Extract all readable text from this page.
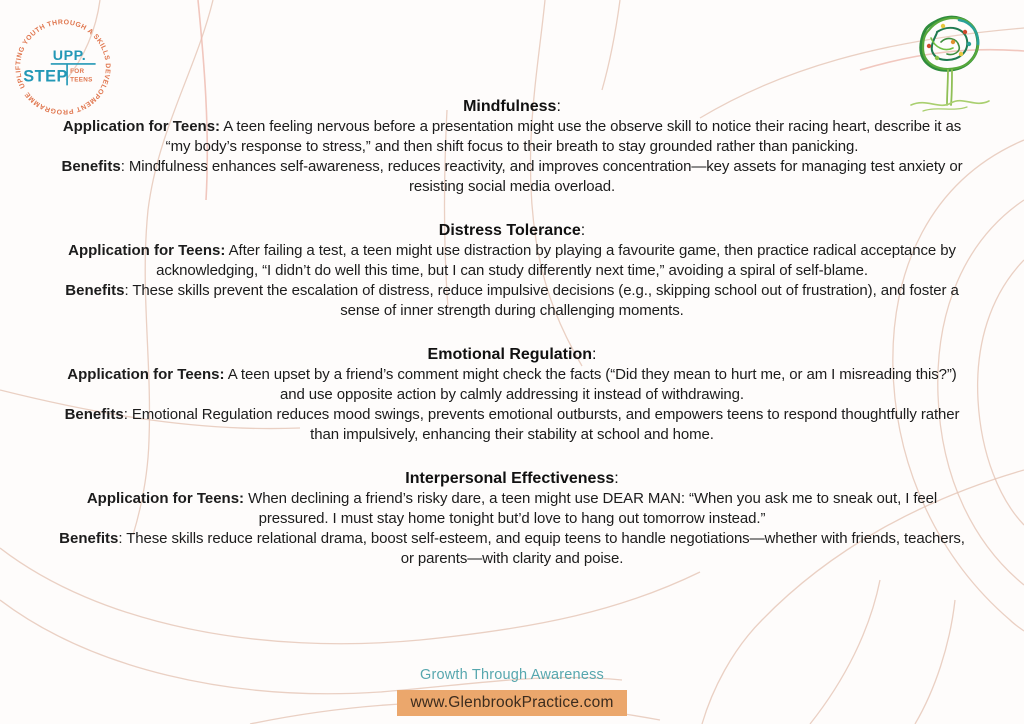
UPLIFTING YOUTH THROUGH A SKILLS DEVELOPMENT PROGRAMME
UPP.
STEP FOR
TEENS
Mindfulness:

Application for Teens: A teen feeling nervous before a presentation might use the observe skill to notice their racing heart, describe it as “my body’s response to stress,” and then shift focus to their breath to stay grounded rather than panicking.

Benefits: Mindfulness enhances self-awareness, reduces reactivity, and improves concentration—key assets for managing test anxiety or resisting social media overload.

Distress Tolerance:

Application for Teens: After failing a test, a teen might use distraction by playing a favourite game, then practice radical acceptance by acknowledging, “I didn’t do well this time, but I can study differently next time,” avoiding a spiral of self-blame.

Benefits: These skills prevent the escalation of distress, reduce impulsive decisions (e.g., skipping school out of frustration), and foster a sense of inner strength during challenging moments.

Emotional Regulation:

Application for Teens: A teen upset by a friend’s comment might check the facts (“Did they mean to hurt me, or am I misreading this?”) and use opposite action by calmly addressing it instead of withdrawing.

Benefits: Emotional Regulation reduces mood swings, prevents emotional outbursts, and empowers teens to respond thoughtfully rather than impulsively, enhancing their stability at school and home.

Interpersonal Effectiveness:

Application for Teens: When declining a friend’s risky dare, a teen might use DEAR MAN: “When you ask me to sneak out, I feel pressured. I must stay home tonight but’d love to hang out tomorrow instead.”

Benefits: These skills reduce relational drama, boost self-esteem, and equip teens to handle negotiations—whether with friends, teachers, or parents—with clarity and poise.

Growth Through Awareness
www.GlenbrookPractice.com
